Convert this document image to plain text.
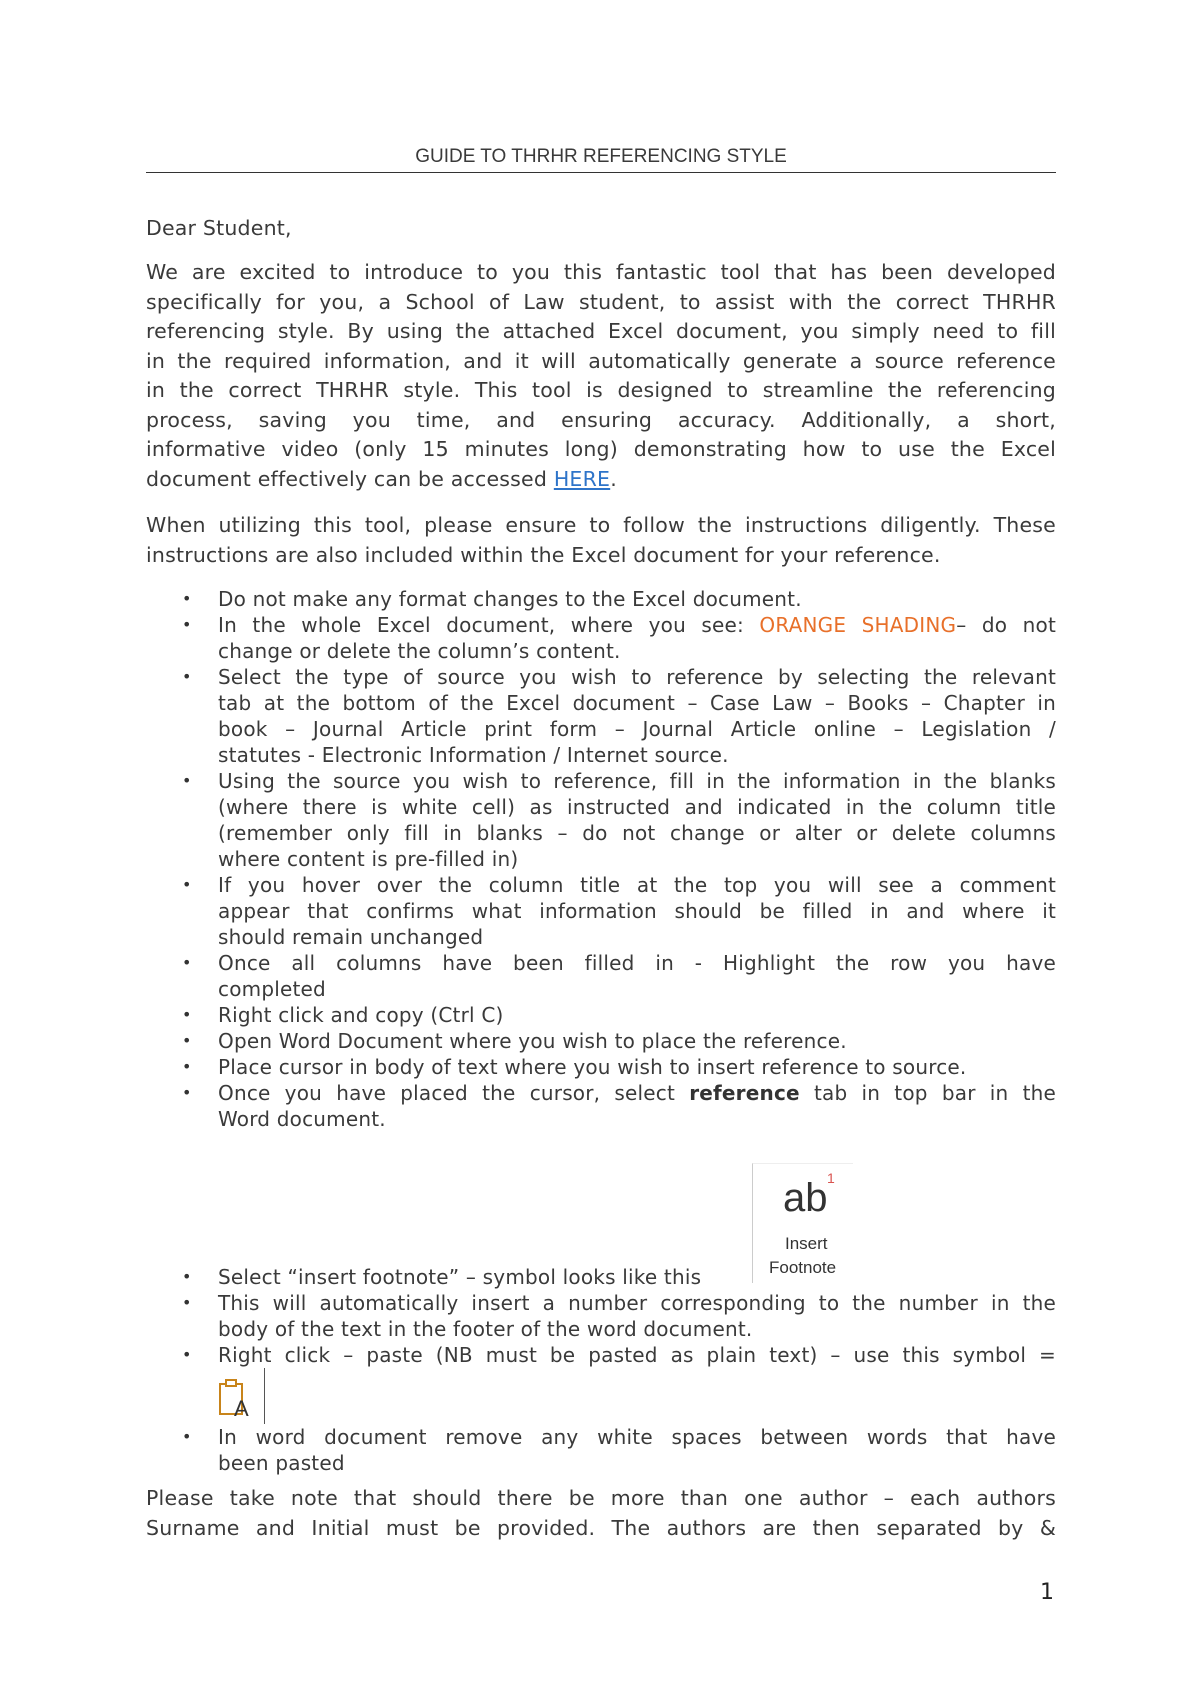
GUIDE TO THRHR REFERENCING STYLE
Dear Student,
We are excited to introduce to you this fantastic tool that has been developed
specifically for you, a School of Law student, to assist with the correct THRHR
referencing style. By using the attached Excel document, you simply need to fill
in the required information, and it will automatically generate a source reference
in the correct THRHR style. This tool is designed to streamline the referencing
process, saving you time, and ensuring accuracy. Additionally, a short,
informative video (only 15 minutes long) demonstrating how to use the Excel
document effectively can be accessed HERE.
When utilizing this tool, please ensure to follow the instructions diligently. These
instructions are also included within the Excel document for your reference.
• Do not make any format changes to the Excel document.
• In the whole Excel document, where you see: ORANGE SHADING– do not
change or delete the column’s content.
• Select the type of source you wish to reference by selecting the relevant
tab at the bottom of the Excel document – Case Law – Books – Chapter in
book – Journal Article print form – Journal Article online – Legislation /
statutes - Electronic Information / Internet source.
• Using the source you wish to reference, fill in the information in the blanks
(where there is white cell) as instructed and indicated in the column title
(remember only fill in blanks – do not change or alter or delete columns
where content is pre-filled in)
• If you hover over the column title at the top you will see a comment
appear that confirms what information should be filled in and where it
should remain unchanged
• Once all columns have been filled in - Highlight the row you have
completed
• Right click and copy (Ctrl C)
• Open Word Document where you wish to place the reference.
• Place cursor in body of text where you wish to insert reference to source.
• Once you have placed the cursor, select reference tab in top bar in the
Word document.
• Select “insert footnote” – symbol looks like this
• This will automatically insert a number corresponding to the number in the
body of the text in the footer of the word document.
• Right click – paste (NB must be pasted as plain text) – use this symbol =
• In word document remove any white spaces between words that have
been pasted
ab 1
Insert
Footnote
A
Please take note that should there be more than one author – each authors
Surname and Initial must be provided. The authors are then separated by &
1
